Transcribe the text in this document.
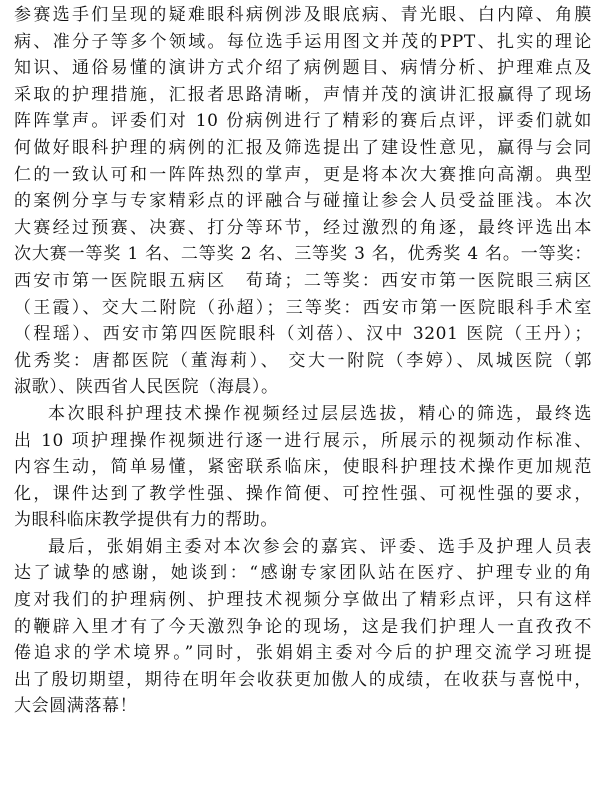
参赛选手们呈现的疑难眼科病例涉及眼底病、青光眼、白内障、角膜
病、准分子等多个领域。每位选手运用图文并茂的PPT、扎实的理论
知识、通俗易懂的演讲方式介绍了病例题目、病情分析、护理难点及
采取的护理措施，汇报者思路清晰，声情并茂的演讲汇报赢得了现场
阵阵掌声。评委们对 10 份病例进行了精彩的赛后点评，评委们就如
何做好眼科护理的病例的汇报及筛选提出了建设性意见，赢得与会同
仁的一致认可和一阵阵热烈的掌声，更是将本次大赛推向高潮。典型
的案例分享与专家精彩点的评融合与碰撞让参会人员受益匪浅。本次
大赛经过预赛、决赛、打分等环节，经过激烈的角逐，最终评选出本
次大赛一等奖 1 名、二等奖 2 名、三等奖 3 名，优秀奖 4 名。一等奖：
西安市第一医院眼五病区　荀琦；二等奖：西安市第一医院眼三病区
（王霞）、交大二附院（孙超）；三等奖：西安市第一医院眼科手术室
（程瑶）、西安市第四医院眼科（刘蓓）、汉中 3201 医院（王丹）；
优秀奖：唐都医院（董海莉）、 交大一附院（李婷）、凤城医院（郭
淑歌）、陕西省人民医院（海晨）。
本次眼科护理技术操作视频经过层层选拔，精心的筛选，最终选
出 10 项护理操作视频进行逐一进行展示，所展示的视频动作标准、
内容生动，简单易懂，紧密联系临床，使眼科护理技术操作更加规范
化，课件达到了教学性强、操作简便、可控性强、可视性强的要求，
为眼科临床教学提供有力的帮助。
最后，张娟娟主委对本次参会的嘉宾、评委、选手及护理人员表
达了诚挚的感谢，她谈到：“感谢专家团队站在医疗、护理专业的角
度对我们的护理病例、护理技术视频分享做出了精彩点评，只有这样
的鞭辟入里才有了今天激烈争论的现场，这是我们护理人一直孜孜不
倦追求的学术境界。”同时，张娟娟主委对今后的护理交流学习班提
出了殷切期望，期待在明年会收获更加傲人的成绩，在收获与喜悦中，
大会圆满落幕！
